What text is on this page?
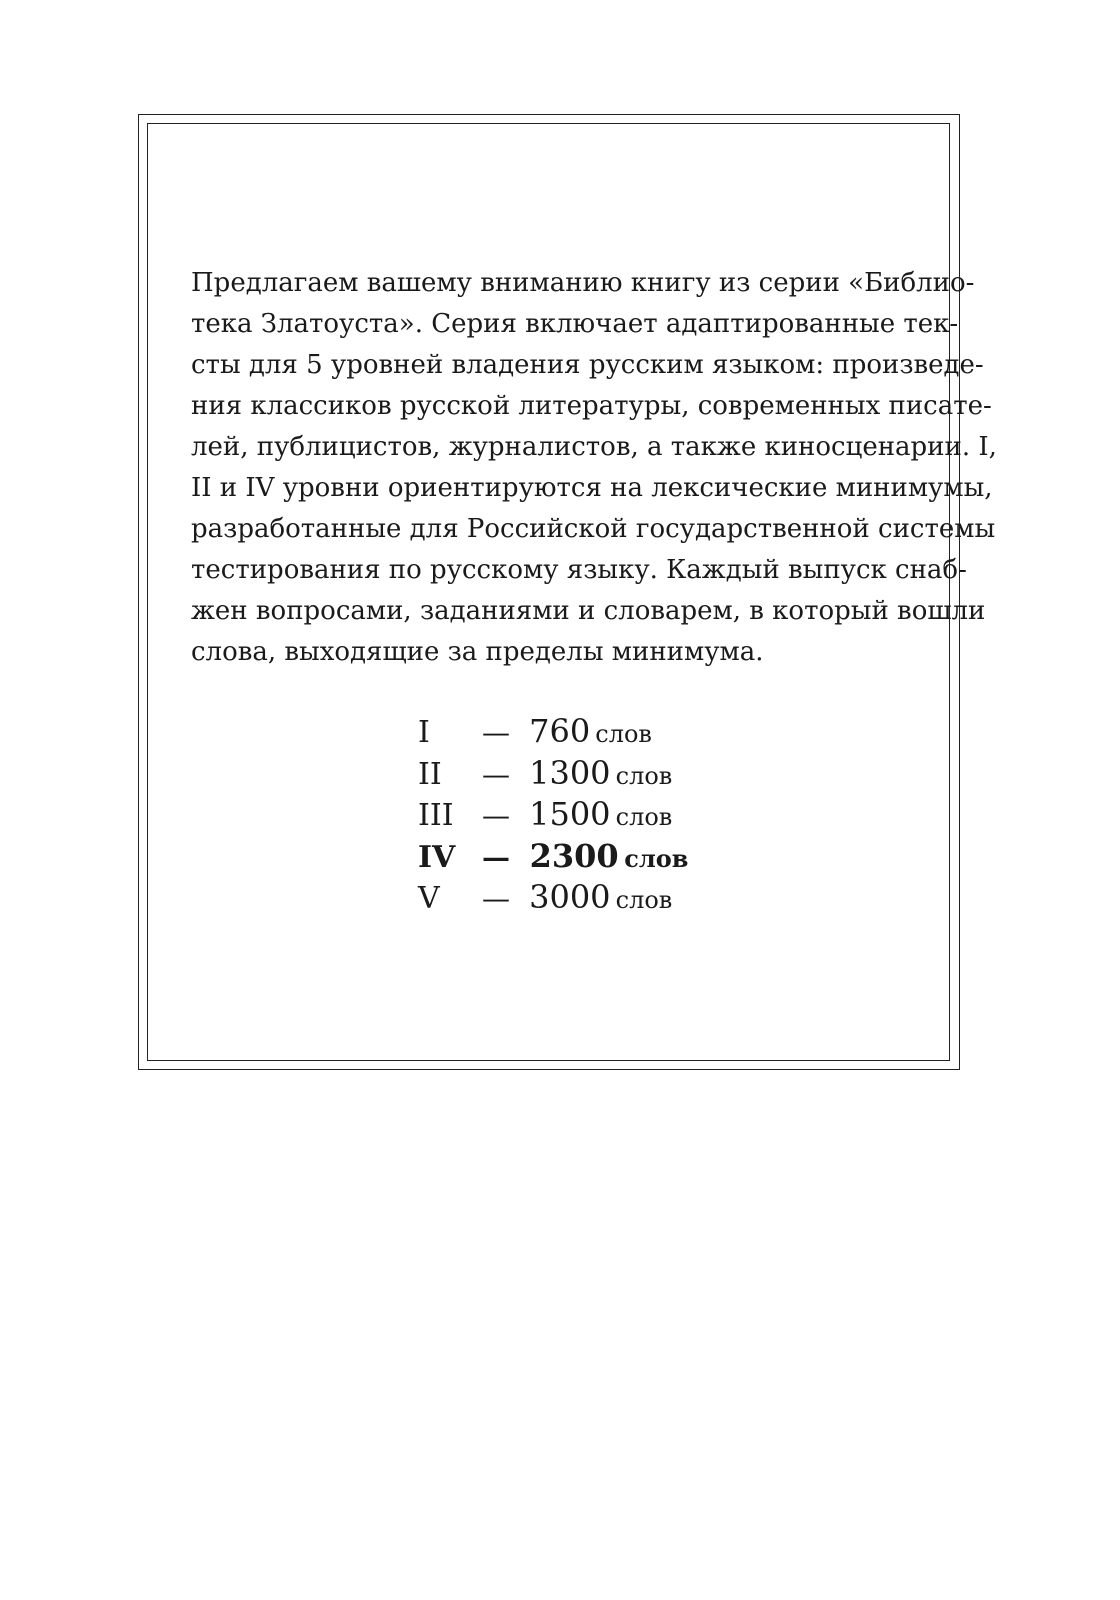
Предлагаем вашему вниманию книгу из серии «Библио-
тека Златоуста». Серия включает адаптированные тек-
сты для 5 уровней владения русским языком: произведе-
ния классиков русской литературы, современных писате-
лей, публицистов, журналистов, а также киносценарии. I,
II и IV уровни ориентируются на лексические минимумы,
разработанные для Российской государственной системы
тестирования по русскому языку. Каждый выпуск снаб-
жен вопросами, заданиями и словарем, в который вошли
слова, выходящие за пределы минимума.
I — 760 слов
II — 1300 слов
III — 1500 слов
IV — 2300 слов
V — 3000 слов
